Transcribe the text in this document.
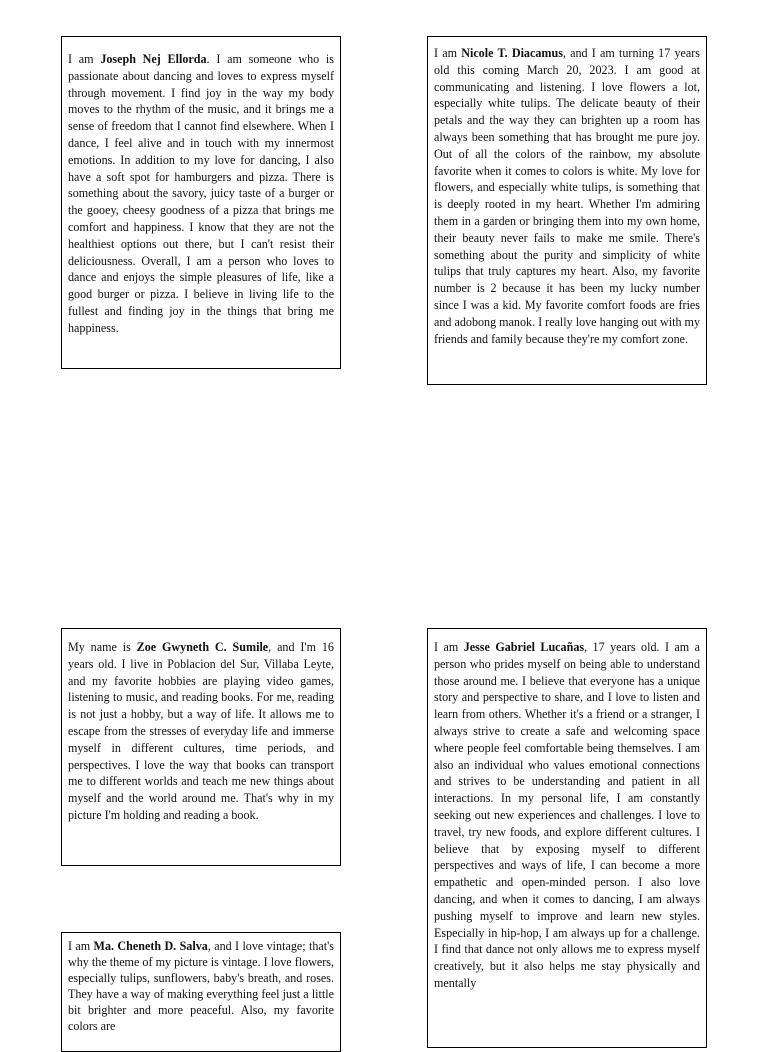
I am Joseph Nej Ellorda. I am someone who is passionate about dancing and loves to express myself through movement. I find joy in the way my body moves to the rhythm of the music, and it brings me a sense of freedom that I cannot find elsewhere. When I dance, I feel alive and in touch with my innermost emotions. In addition to my love for dancing, I also have a soft spot for hamburgers and pizza. There is something about the savory, juicy taste of a burger or the gooey, cheesy goodness of a pizza that brings me comfort and happiness. I know that they are not the healthiest options out there, but I can't resist their deliciousness. Overall, I am a person who loves to dance and enjoys the simple pleasures of life, like a good burger or pizza. I believe in living life to the fullest and finding joy in the things that bring me happiness.
I am Nicole T. Diacamus, and I am turning 17 years old this coming March 20, 2023. I am good at communicating and listening. I love flowers a lot, especially white tulips. The delicate beauty of their petals and the way they can brighten up a room has always been something that has brought me pure joy. Out of all the colors of the rainbow, my absolute favorite when it comes to colors is white. My love for flowers, and especially white tulips, is something that is deeply rooted in my heart. Whether I'm admiring them in a garden or bringing them into my own home, their beauty never fails to make me smile. There's something about the purity and simplicity of white tulips that truly captures my heart. Also, my favorite number is 2 because it has been my lucky number since I was a kid. My favorite comfort foods are fries and adobong manok. I really love hanging out with my friends and family because they're my comfort zone.
My name is Zoe Gwyneth C. Sumile, and I'm 16 years old. I live in Poblacion del Sur, Villaba Leyte, and my favorite hobbies are playing video games, listening to music, and reading books. For me, reading is not just a hobby, but a way of life. It allows me to escape from the stresses of everyday life and immerse myself in different cultures, time periods, and perspectives. I love the way that books can transport me to different worlds and teach me new things about myself and the world around me. That's why in my picture I'm holding and reading a book.
I am Jesse Gabriel Lucañas, 17 years old. I am a person who prides myself on being able to understand those around me. I believe that everyone has a unique story and perspective to share, and I love to listen and learn from others. Whether it's a friend or a stranger, I always strive to create a safe and welcoming space where people feel comfortable being themselves. I am also an individual who values emotional connections and strives to be understanding and patient in all interactions. In my personal life, I am constantly seeking out new experiences and challenges. I love to travel, try new foods, and explore different cultures. I believe that by exposing myself to different perspectives and ways of life, I can become a more empathetic and open-minded person. I also love dancing, and when it comes to dancing, I am always pushing myself to improve and learn new styles. Especially in hip-hop, I am always up for a challenge. I find that dance not only allows me to express myself creatively, but it also helps me stay physically and mentally
I am Ma. Cheneth D. Salva, and I love vintage; that's why the theme of my picture is vintage. I love flowers, especially tulips, sunflowers, baby's breath, and roses. They have a way of making everything feel just a little bit brighter and more peaceful. Also, my favorite colors are
